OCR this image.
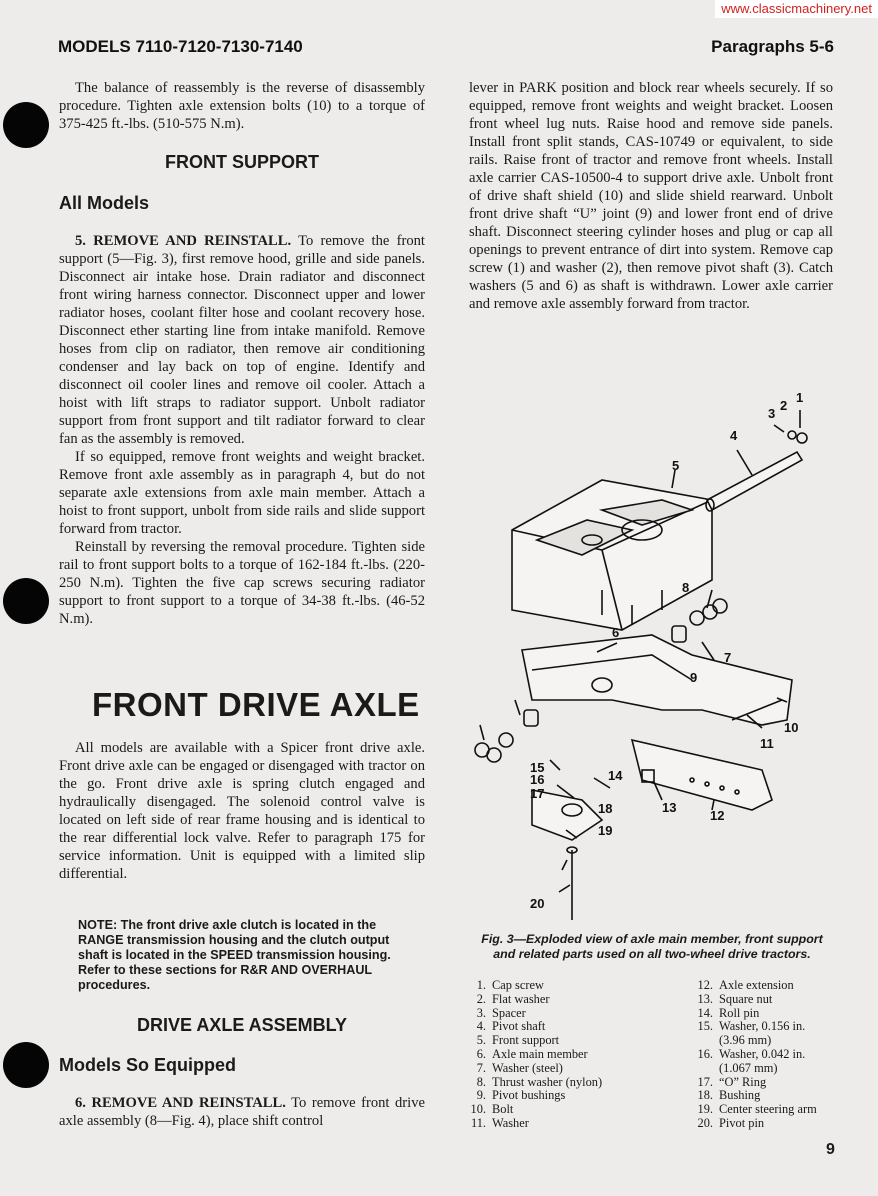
www.classicmachinery.net
MODELS 7110-7120-7130-7140	Paragraphs 5-6

The balance of reassembly is the reverse of disassembly procedure. Tighten axle extension bolts (10) to a torque of 375-425 ft.-lbs. (510-575 N.m).

FRONT SUPPORT
All Models

5. REMOVE AND REINSTALL. To remove the front support (5—Fig. 3), first remove hood, grille and side panels. Disconnect air intake hose. Drain radiator and disconnect front wiring harness connector. Disconnect upper and lower radiator hoses, coolant filter hose and coolant recovery hose. Disconnect ether starting line from intake manifold. Remove hoses from clip on radiator, then remove air conditioning condenser and lay back on top of engine. Identify and disconnect oil cooler lines and remove oil cooler. Attach a hoist with lift straps to radiator support. Unbolt radiator support from front support and tilt radiator forward to clear fan as the assembly is removed.

If so equipped, remove front weights and weight bracket. Remove front axle assembly as in paragraph 4, but do not separate axle extensions from axle main member. Attach a hoist to front support, unbolt from side rails and slide support forward from tractor.

Reinstall by reversing the removal procedure. Tighten side rail to front support bolts to a torque of 162-184 ft.-lbs. (220-250 N.m). Tighten the five cap screws securing radiator support to front support to a torque of 34-38 ft.-lbs. (46-52 N.m).

FRONT DRIVE AXLE

All models are available with a Spicer front drive axle. Front drive axle can be engaged or disengaged with tractor on the go. Front drive axle is spring clutch engaged and hydraulically disengaged. The solenoid control valve is located on left side of rear frame housing and is identical to the rear differential lock valve. Refer to paragraph 175 for service information. Unit is equipped with a limited slip differential.

NOTE: The front drive axle clutch is located in the RANGE transmission housing and the clutch output shaft is located in the SPEED transmission housing. Refer to these sections for R&R AND OVERHAUL procedures.
DRIVE AXLE ASSEMBLY
Models So Equipped

6. REMOVE AND REINSTALL. To remove front drive axle assembly (8—Fig. 4), place shift control

lever in PARK position and block rear wheels securely. If so equipped, remove front weights and weight bracket. Loosen front wheel lug nuts. Raise hood and remove side panels. Install front split stands, CAS-10749 or equivalent, to side rails. Raise front of tractor and remove front wheels. Install axle carrier CAS-10500-4 to support drive axle. Unbolt front of drive shaft shield (10) and slide shield rearward. Unbolt front drive shaft “U” joint (9) and lower front end of drive shaft. Disconnect steering cylinder hoses and plug or cap all openings to prevent entrance of dirt into system. Remove cap screw (1) and washer (2), then remove pivot shaft (3). Catch washers (5 and 6) as shaft is withdrawn. Lower axle carrier and remove axle assembly forward from tractor.

1
2
3
4
5
6
7
8
9
10
11
12
13
14
15
16
17
18
19
20
Fig. 3—Exploded view of axle main member, front support and related parts used on all two-wheel drive tractors.
1. Cap screw
2. Flat washer
3. Spacer
4. Pivot shaft
5. Front support
6. Axle main member
7. Washer (steel)
8. Thrust washer (nylon)
9. Pivot bushings
10. Bolt
11. Washer
12. Axle extension
13. Square nut
14. Roll pin
15. Washer, 0.156 in.
(3.96 mm)
16. Washer, 0.042 in.
(1.067 mm)
17. “O” Ring
18. Bushing
19. Center steering arm
20. Pivot pin
9
